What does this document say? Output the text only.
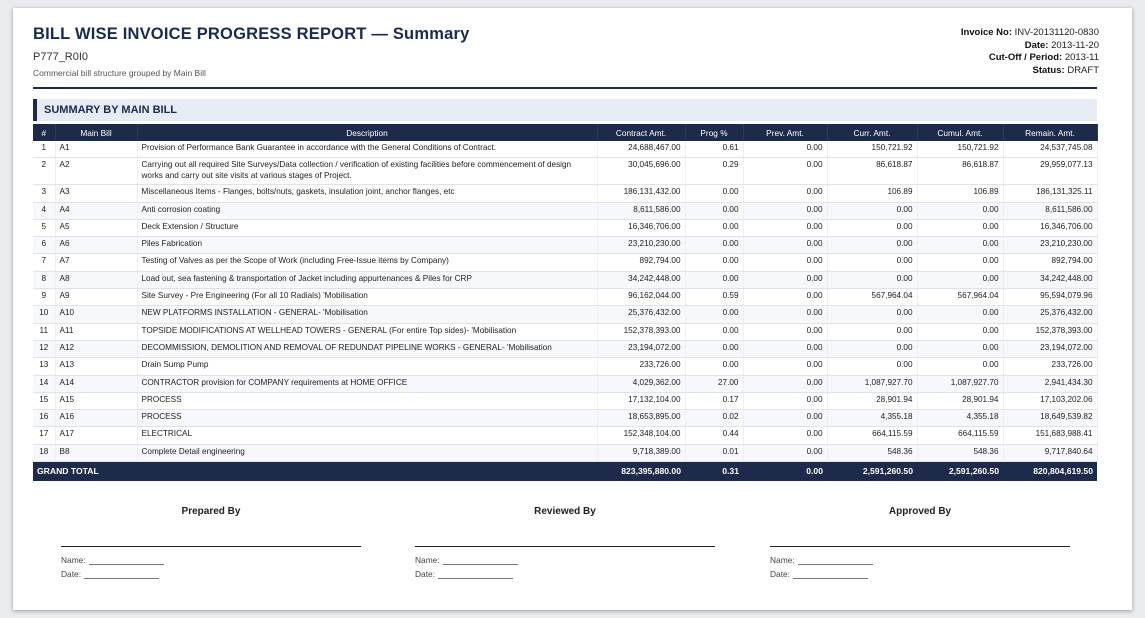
BILL WISE INVOICE PROGRESS REPORT — Summary
P777_R0I0
Commercial bill structure grouped by Main Bill
Invoice No: INV-20131120-0830
Date: 2013-11-20
Cut-Off / Period: 2013-11
Status: DRAFT
SUMMARY BY MAIN BILL
#	Main Bill	Description	Contract Amt.	Prog %	Prev. Amt.	Curr. Amt.	Cumul. Amt.	Remain. Amt.
1	A1	Provision of Performance Bank Guarantee in accordance with the General Conditions of Contract.	24,688,467.00	0.61	0.00	150,721.92	150,721.92	24,537,745.08
2	A2	Carrying out all required Site Surveys/Data collection / verification of existing facilities before commencement of design works and carry out site visits at various stages of Project.	30,045,696.00	0.29	0.00	86,618.87	86,618.87	29,959,077.13
3	A3	Miscellaneous Items - Flanges, bolts/nuts, gaskets, insulation joint, anchor flanges, etc	186,131,432.00	0.00	0.00	106.89	106.89	186,131,325.11
4	A4	Anti corrosion coating	8,611,586.00	0.00	0.00	0.00	0.00	8,611,586.00
5	A5	Deck Extension / Structure	16,346,706.00	0.00	0.00	0.00	0.00	16,346,706.00
6	A6	Piles Fabrication	23,210,230.00	0.00	0.00	0.00	0.00	23,210,230.00
7	A7	Testing of Valves as per the Scope of Work (including Free-Issue items by Company)	892,794.00	0.00	0.00	0.00	0.00	892,794.00
8	A8	Load out, sea fastening & transportation of Jacket including appurtenances & Piles for CRP	34,242,448.00	0.00	0.00	0.00	0.00	34,242,448.00
9	A9	Site Survey - Pre Engineering (For all 10 Radials) 'Mobilisation	96,162,044.00	0.59	0.00	567,964.04	567,964.04	95,594,079.96
10	A10	NEW PLATFORMS INSTALLATION - GENERAL- 'Mobilisation	25,376,432.00	0.00	0.00	0.00	0.00	25,376,432.00
11	A11	TOPSIDE MODIFICATIONS AT WELLHEAD TOWERS - GENERAL (For entire Top sides)- 'Mobilisation	152,378,393.00	0.00	0.00	0.00	0.00	152,378,393.00
12	A12	DECOMMISSION, DEMOLITION AND REMOVAL OF REDUNDAT PIPELINE WORKS - GENERAL- 'Mobilisation	23,194,072.00	0.00	0.00	0.00	0.00	23,194,072.00
13	A13	Drain Sump Pump	233,726.00	0.00	0.00	0.00	0.00	233,726.00
14	A14	CONTRACTOR provision for COMPANY requirements at HOME OFFICE	4,029,362.00	27.00	0.00	1,087,927.70	1,087,927.70	2,941,434.30
15	A15	PROCESS	17,132,104.00	0.17	0.00	28,901.94	28,901.94	17,103,202.06
16	A16	PROCESS	18,653,895.00	0.02	0.00	4,355.18	4,355.18	18,649,539.82
17	A17	ELECTRICAL	152,348,104.00	0.44	0.00	664,115.59	664,115.59	151,683,988.41
18	B8	Complete Detail engineering	9,718,389.00	0.01	0.00	548.36	548.36	9,717,840.64
GRAND TOTAL			823,395,880.00	0.31	0.00	2,591,260.50	2,591,260.50	820,804,619.50
Prepared By
Name:
Date:
Reviewed By
Name:
Date:
Approved By
Name:
Date:
